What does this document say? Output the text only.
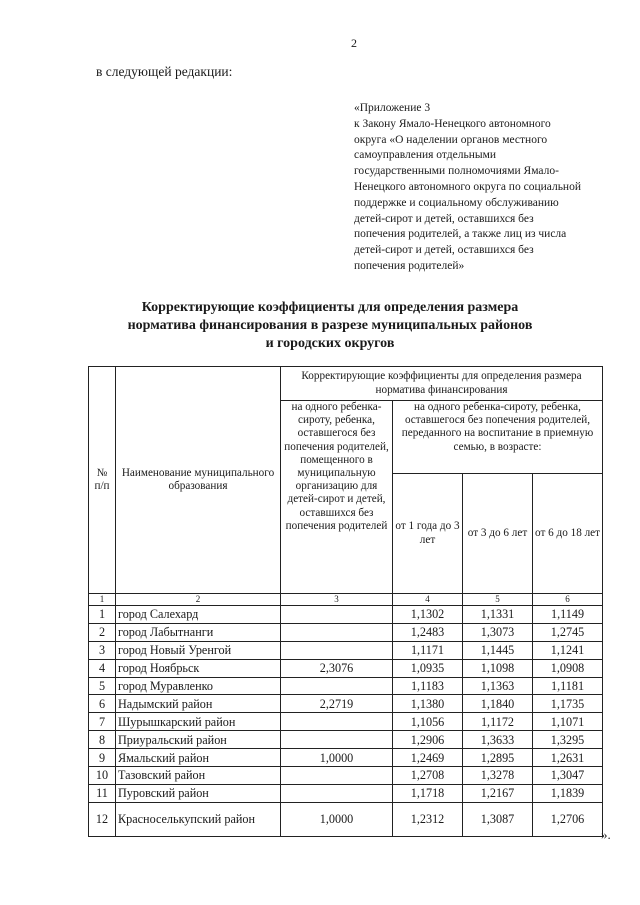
2
в следующей редакции:
«Приложение 3
к Закону Ямало-Ненецкого автономного
округа «О наделении органов местного
самоуправления отдельными
государственными полномочиями Ямало-
Ненецкого автономного округа по социальной
поддержке и социальному обслуживанию
детей-сирот и детей, оставшихся без
попечения родителей, а также лиц из числа
детей-сирот и детей, оставшихся без
попечения родителей»
Корректирующие коэффициенты для определения размера
норматива финансирования в разрезе муниципальных районов
и городских округов
№ п/п	Наименование муниципального образования	Корректирующие коэффициенты для определения размера норматива финансирования			
		на одного ребенка-сироту, ребенка, оставшегося без попечения родителей, помещенного в муниципальную организацию для детей-сирот и детей, оставшихся без попечения родителей	на одного ребенка-сироту, ребенка, оставшегося без попечения родителей, переданного на воспитание в приемную семью, в возрасте:		
			от 1 года до 3 лет	от 3 до 6 лет	от 6 до 18 лет
1	2	3	4	5	6
1	город Салехард		1,1302	1,1331	1,1149
2	город Лабытнанги		1,2483	1,3073	1,2745
3	город Новый Уренгой		1,1171	1,1445	1,1241
4	город Ноябрьск	2,3076	1,0935	1,1098	1,0908
5	город Муравленко		1,1183	1,1363	1,1181
6	Надымский район	2,2719	1,1380	1,1840	1,1735
7	Шурышкарский район		1,1056	1,1172	1,1071
8	Приуральский район		1,2906	1,3633	1,3295
9	Ямальский район	1,0000	1,2469	1,2895	1,2631
10	Тазовский район		1,2708	1,3278	1,3047
11	Пуровский район		1,1718	1,2167	1,1839
12	Красноселькупский район	1,0000	1,2312	1,3087	1,2706
».
